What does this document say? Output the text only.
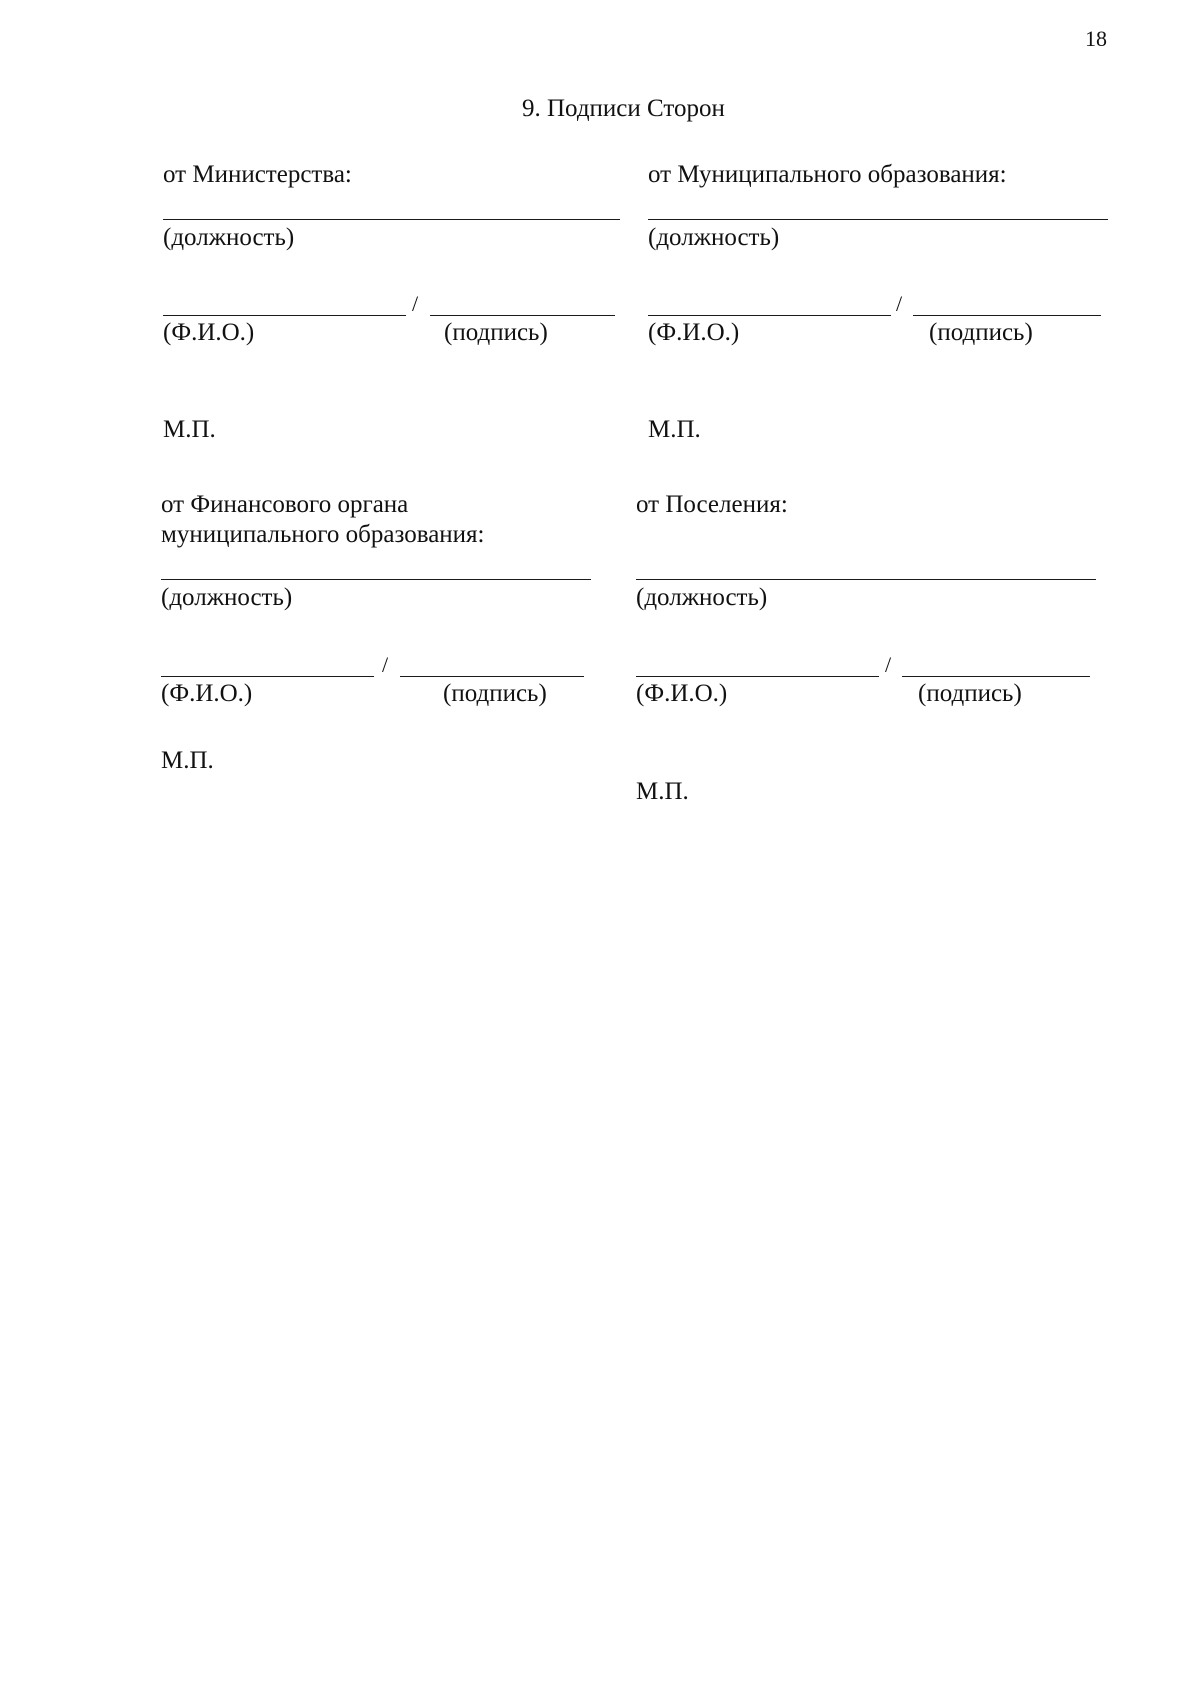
18
9. Подписи Сторон
от Министерства:
(должность)
/
(Ф.И.О.)	(подпись)
М.П.
от Муниципального образования:
(должность)
/
(Ф.И.О.)	(подпись)
М.П.
от Финансового органа
муниципального образования:
(должность)
/
(Ф.И.О.)	(подпись)
М.П.
от Поселения:
(должность)
/
(Ф.И.О.)	(подпись)
М.П.
